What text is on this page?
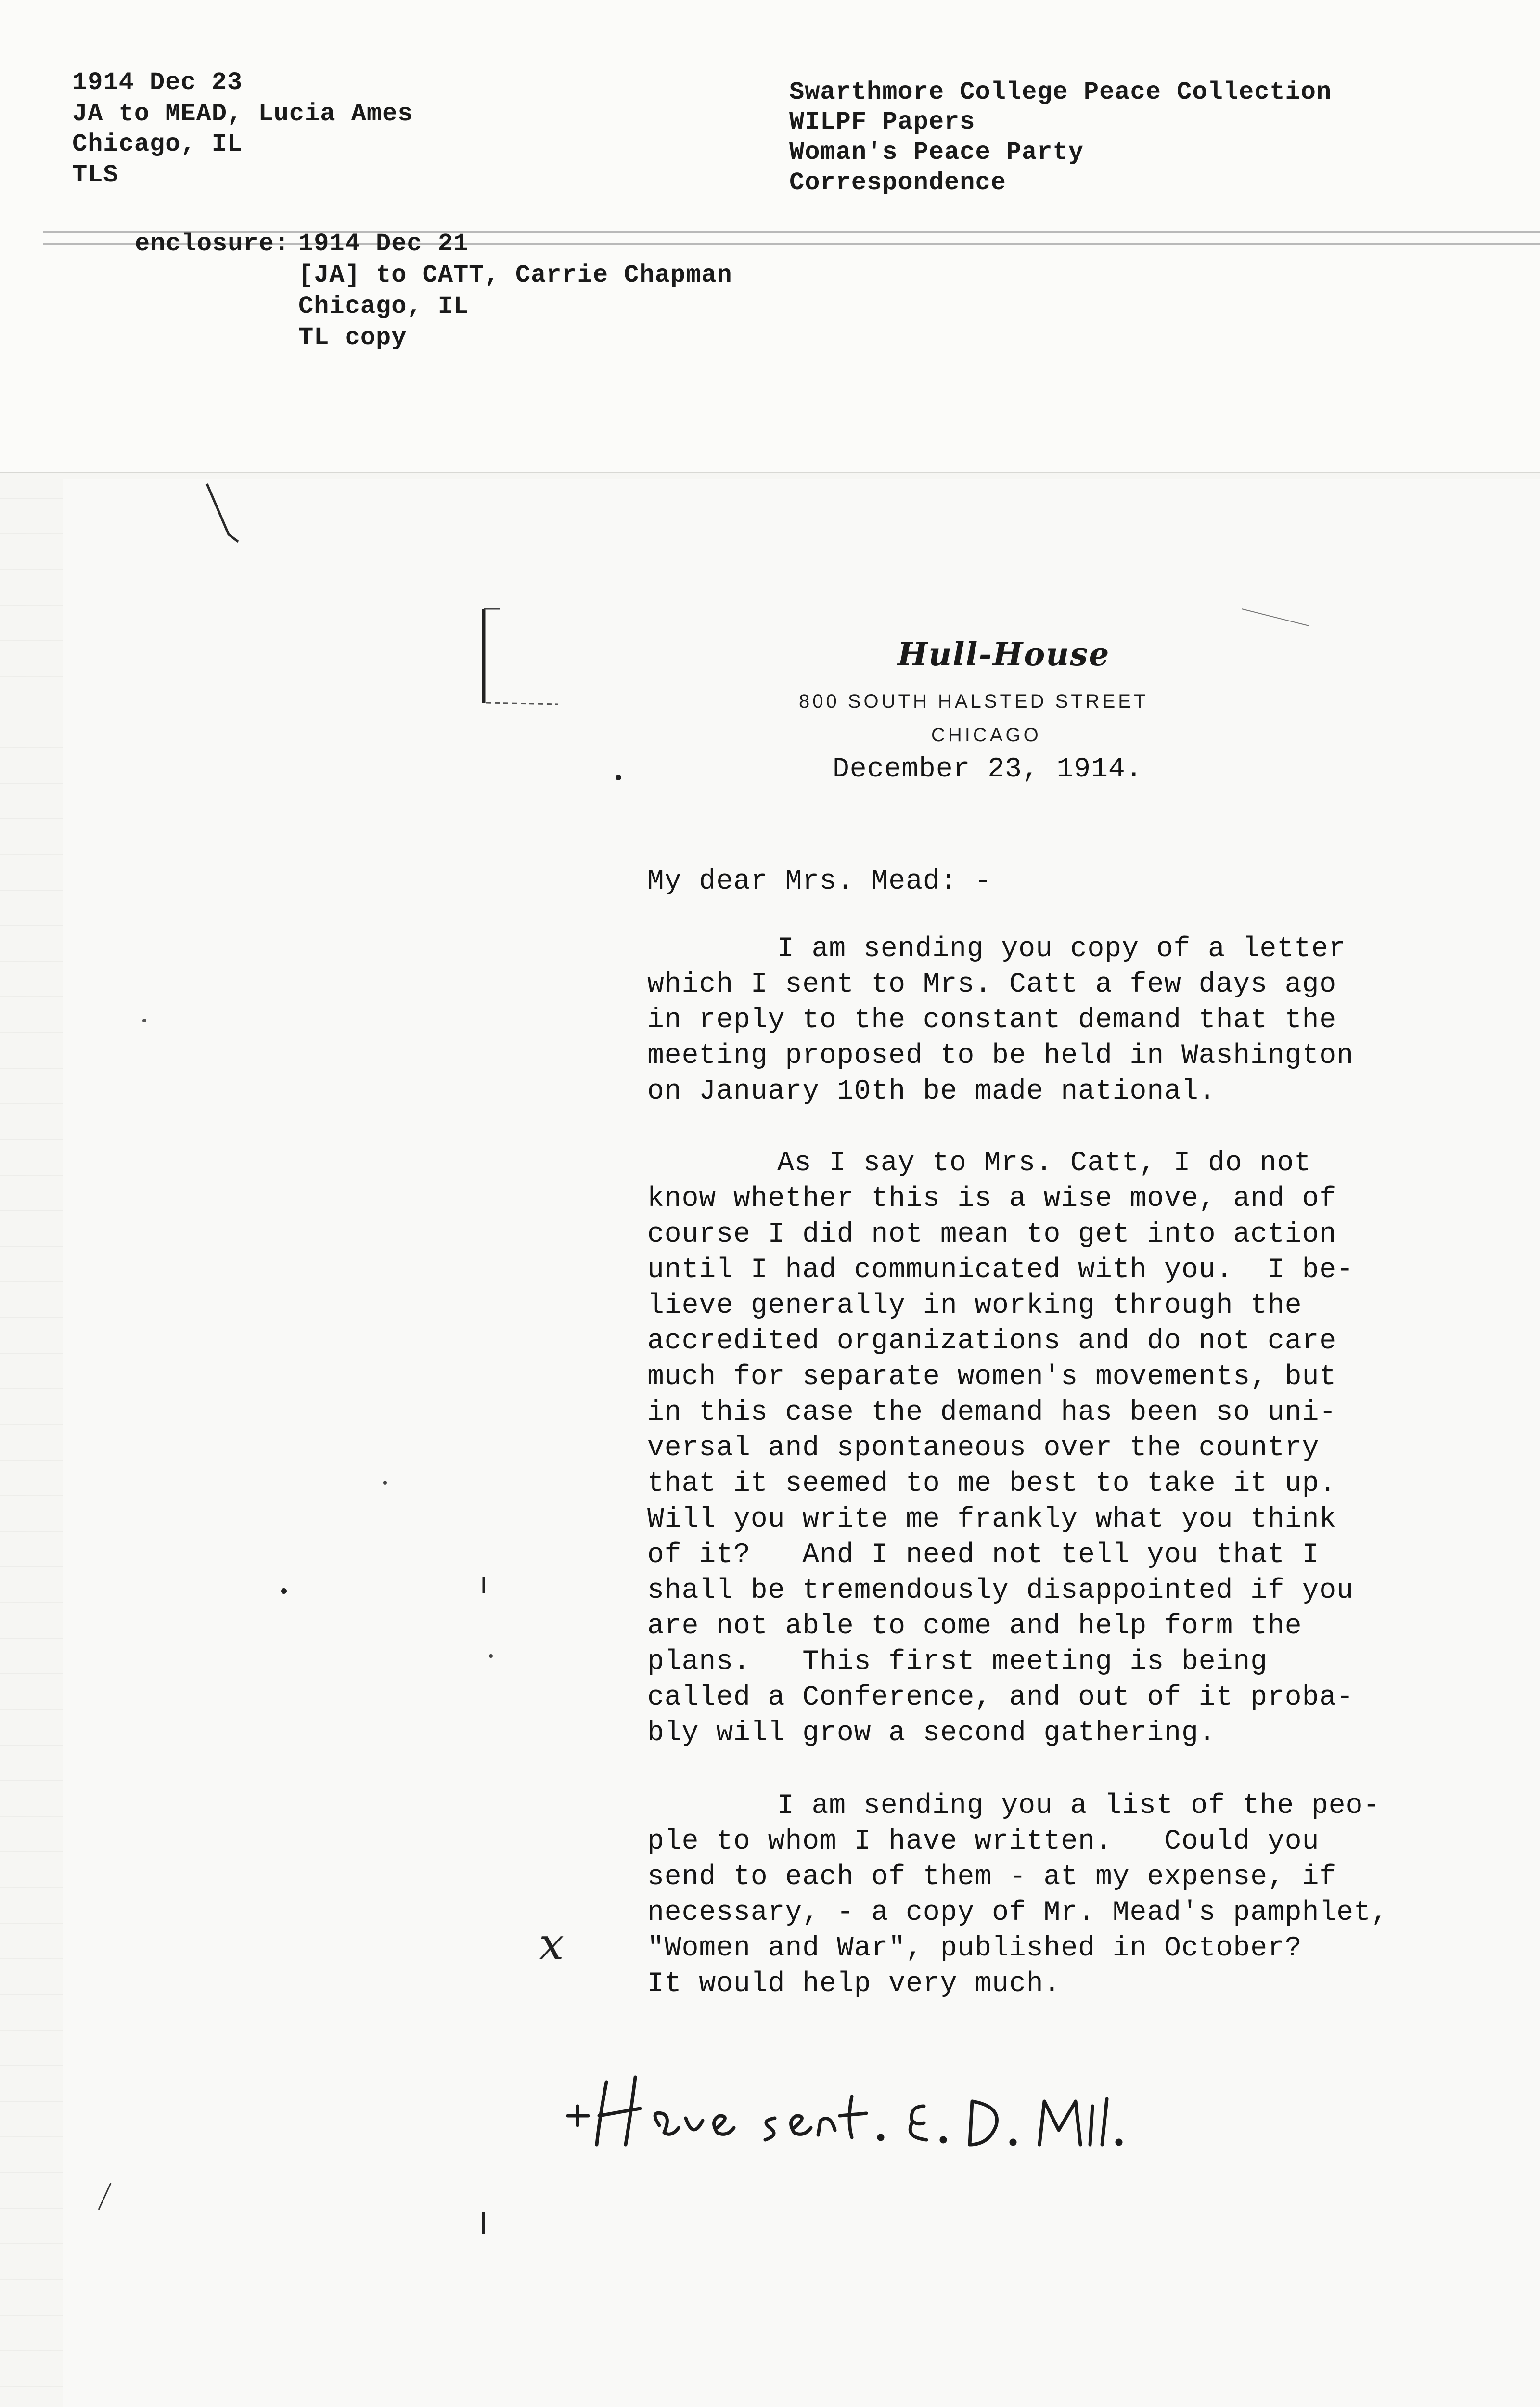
1914 Dec 23
JA to MEAD, Lucia Ames
Chicago, IL
TLS
Swarthmore College Peace Collection
WILPF Papers
Woman's Peace Party
Correspondence
enclosure: 1914 Dec 21
[JA] to CATT, Carrie Chapman
Chicago, IL
TL copy
Hull-House
800 SOUTH HALSTED STREET
CHICAGO
December 23, 1914.
My dear Mrs. Mead: -
I am sending you copy of a letter
which I sent to Mrs. Catt a few days ago
in reply to the constant demand that the
meeting proposed to be held in Washington
on January 10th be made national.
As I say to Mrs. Catt, I do not
know whether this is a wise move, and of
course I did not mean to get into action
until I had communicated with you.  I be-
lieve generally in working through the
accredited organizations and do not care
much for separate women's movements, but
in this case the demand has been so uni-
versal and spontaneous over the country
that it seemed to me best to take it up.
Will you write me frankly what you think
of it?   And I need not tell you that I
shall be tremendously disappointed if you
are not able to come and help form the
plans.   This first meeting is being
called a Conference, and out of it proba-
bly will grow a second gathering.
I am sending you a list of the peo-
ple to whom I have written.   Could you
send to each of them - at my expense, if
necessary, - a copy of Mr. Mead's pamphlet,
"Women and War", published in October?
It would help very much.
x
